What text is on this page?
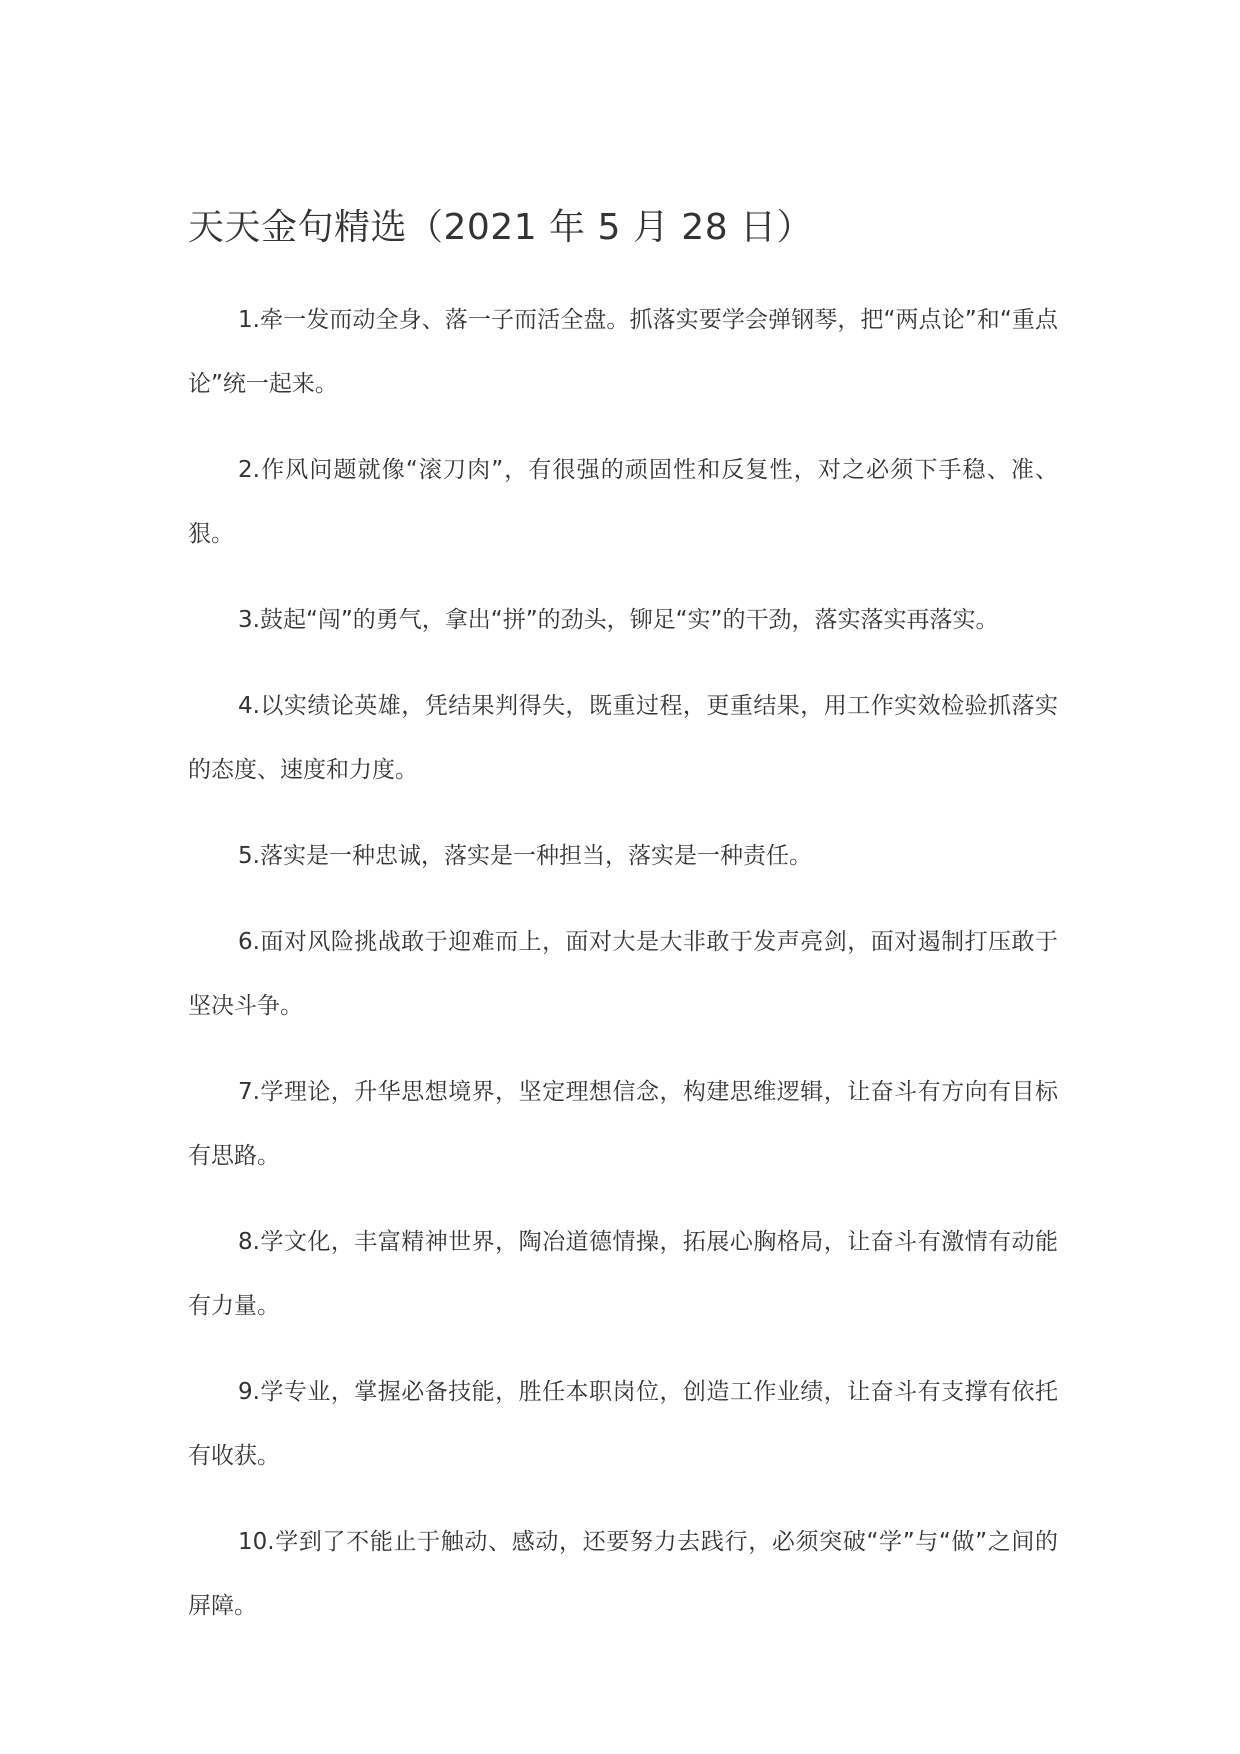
天天金句精选（2021 年 5 月 28 日）

1.牵一发而动全身、落一子而活全盘。抓落实要学会弹钢琴，把“两点论”和“重点论”统一起来。

2.作风问题就像“滚刀肉”，有很强的顽固性和反复性，对之必须下手稳、准、狠。

3.鼓起“闯”的勇气，拿出“拼”的劲头，铆足“实”的干劲，落实落实再落实。

4.以实绩论英雄，凭结果判得失，既重过程，更重结果，用工作实效检验抓落实的态度、速度和力度。

5.落实是一种忠诚，落实是一种担当，落实是一种责任。

6.面对风险挑战敢于迎难而上，面对大是大非敢于发声亮剑，面对遏制打压敢于坚决斗争。

7.学理论，升华思想境界，坚定理想信念，构建思维逻辑，让奋斗有方向有目标有思路。

8.学文化，丰富精神世界，陶冶道德情操，拓展心胸格局，让奋斗有激情有动能有力量。

9.学专业，掌握必备技能，胜任本职岗位，创造工作业绩，让奋斗有支撑有依托有收获。

10.学到了不能止于触动、感动，还要努力去践行，必须突破“学”与“做”之间的屏障。
